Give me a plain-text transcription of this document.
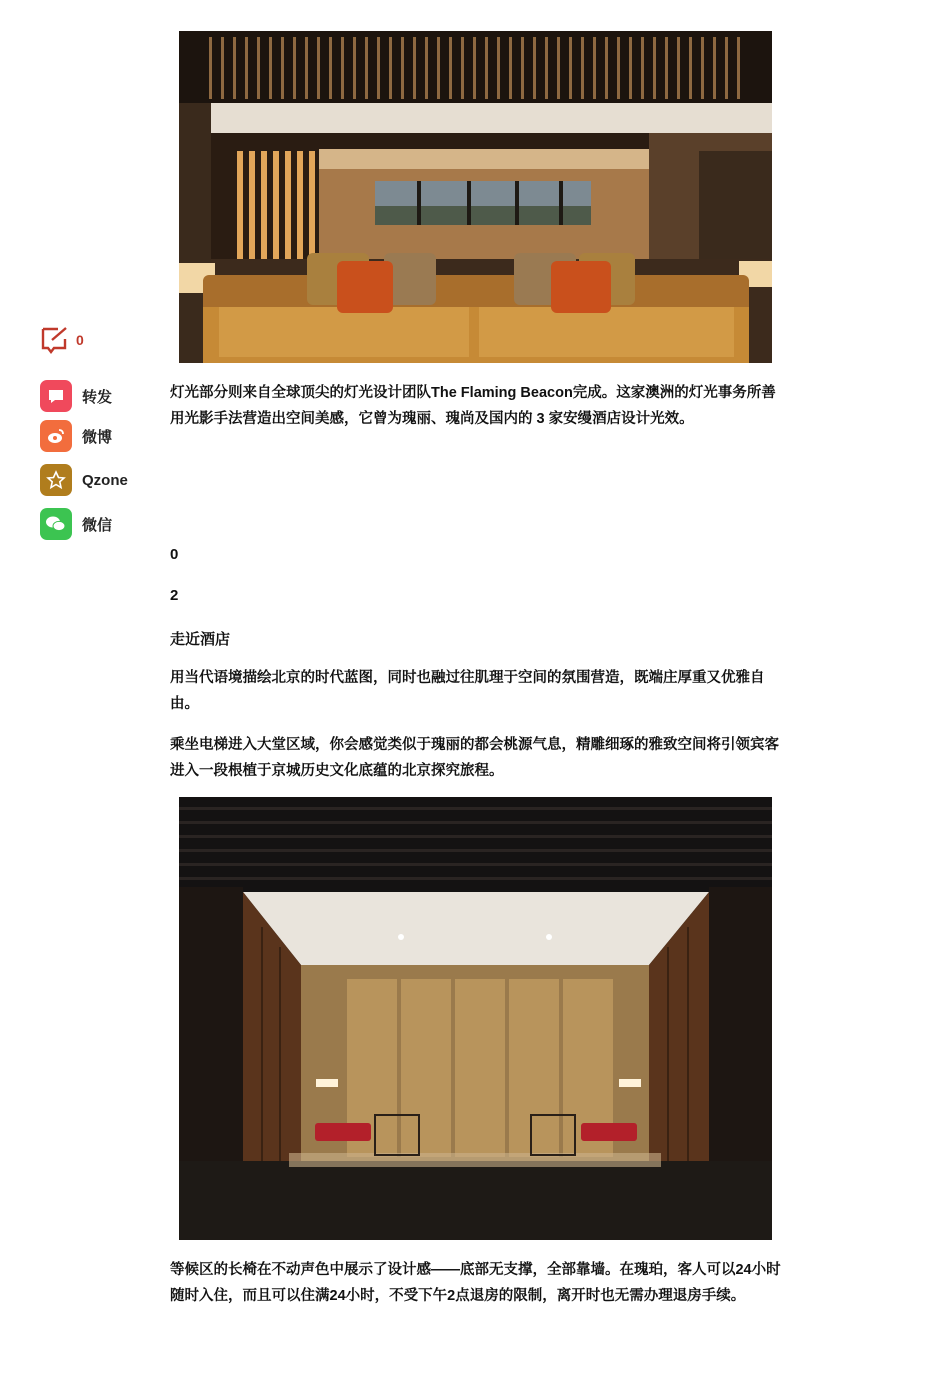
0
转发
微博
Qzone
微信

灯光部分则来自全球顶尖的灯光设计团队The Flaming Beacon完成。这家澳洲的灯光事务所善用光影手法营造出空间美感，它曾为瑰丽、瑰尚及国内的 3 家安缦酒店设计光效。

0
2
走近酒店

用当代语境描绘北京的时代蓝图，同时也融过往肌理于空间的氛围营造，既端庄厚重又优雅自由。

乘坐电梯进入大堂区域，你会感觉类似于瑰丽的都会桃源气息，精雕细琢的雅致空间将引领宾客进入一段根植于京城历史文化底蕴的北京探究旅程。

等候区的长椅在不动声色中展示了设计感——底部无支撑，全部靠墙。在瑰珀，客人可以24小时随时入住，而且可以住满24小时，不受下午2点退房的限制，离开时也无需办理退房手续。
